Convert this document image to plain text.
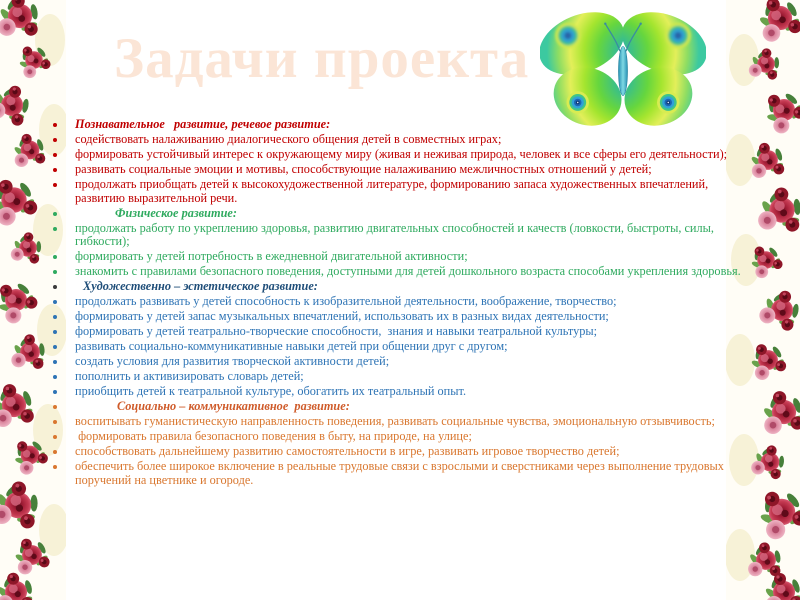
Задачи проекта
Познавательное   развитие, речевое развитие:
содействовать налаживанию диалогического общения детей в совместных играх;
формировать устойчивый интерес к окружающему миру (живая и неживая природа, человек и все сферы его деятельности);
развивать социальные эмоции и мотивы, способствующие налаживанию межличностных отношений у детей;
продолжать приобщать детей к высокохудожественной литературе, формированию запаса художественных впечатлений, развитию выразительной речи.
Физическое развитие:
продолжать работу по укреплению здоровья, развитию двигательных способностей и качеств (ловкости, быстроты, силы, гибкости);
формировать у детей потребность в ежедневной двигательной активности;
знакомить с правилами безопасного поведения, доступными для детей дошкольного возраста способами укрепления здоровья.
Художественно – эстетическое развитие:
продолжать развивать у детей способность к изобразительной деятельности, воображение, творчество;
формировать у детей запас музыкальных впечатлений, использовать их в разных видах деятельности;
формировать у детей театрально-творческие способности,  знания и навыки театральной культуры;
развивать социально-коммуникативные навыки детей при общении друг с другом;
создать условия для развития творческой активности детей;
пополнить и активизировать словарь детей;
приобщить детей к театральной культуре, обогатить их театральный опыт.
Социально – коммуникативное  развитие:
воспитывать гуманистическую направленность поведения, развивать социальные чувства, эмоциональную отзывчивость;
формировать правила безопасного поведения в быту, на природе, на улице;
способствовать дальнейшему развитию самостоятельности в игре, развивать игровое творчество детей;
обеспечить более широкое включение в реальные трудовые связи с взрослыми и сверстниками через выполнение трудовых поручений на цветнике и огороде.
